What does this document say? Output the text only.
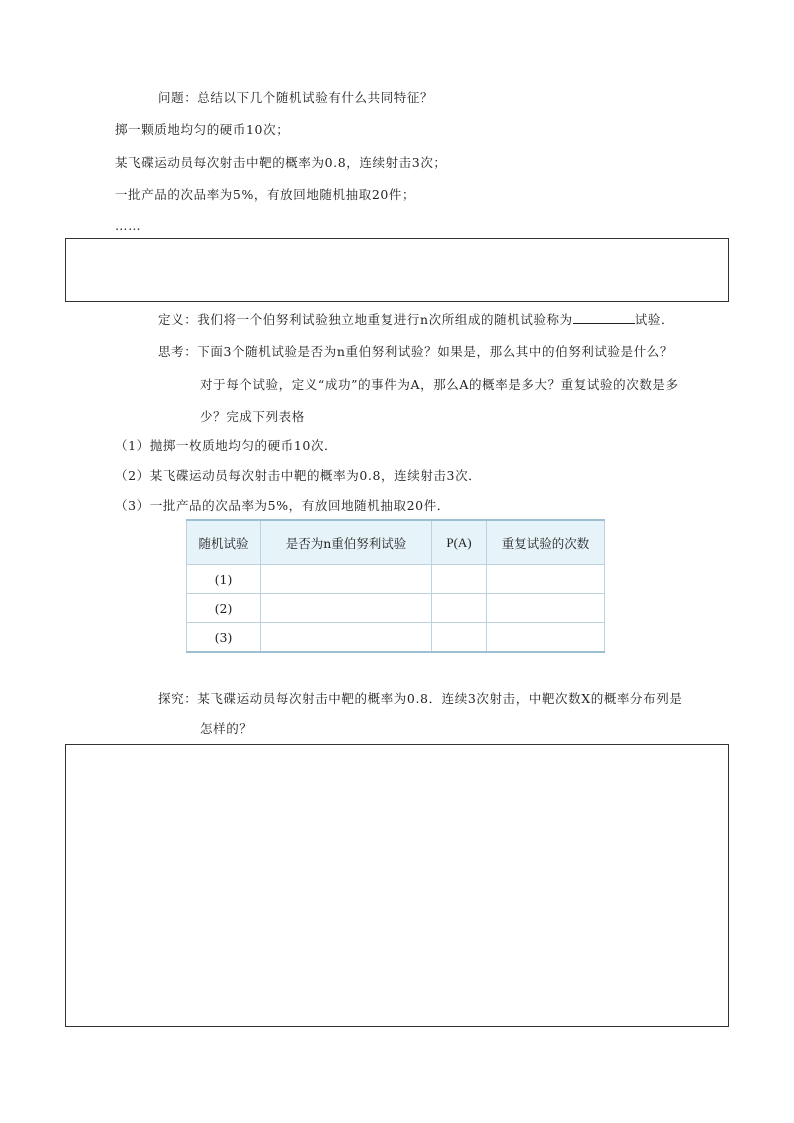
问题：总结以下几个随机试验有什么共同特征？
掷一颗质地均匀的硬币10次；
某飞碟运动员每次射击中靶的概率为0.8，连续射击3次；
一批产品的次品率为5%，有放回地随机抽取20件；
……
定义：我们将一个伯努利试验独立地重复进行n次所组成的随机试验称为	试验．
思考：下面3个随机试验是否为n重伯努利试验？如果是，那么其中的伯努利试验是什么？
对于每个试验，定义“成功”的事件为A，那么A的概率是多大？重复试验的次数是多
少？完成下列表格
（1）抛掷一枚质地均匀的硬币10次．
（2）某飞碟运动员每次射击中靶的概率为0.8，连续射击3次．
（3）一批产品的次品率为5%，有放回地随机抽取20件．
随机试验	是否为n重伯努利试验	P(A)	重复试验的次数
(1)			
(2)			
(3)			
探究：某飞碟运动员每次射击中靶的概率为0.8．连续3次射击，中靶次数X的概率分布列是
怎样的？
